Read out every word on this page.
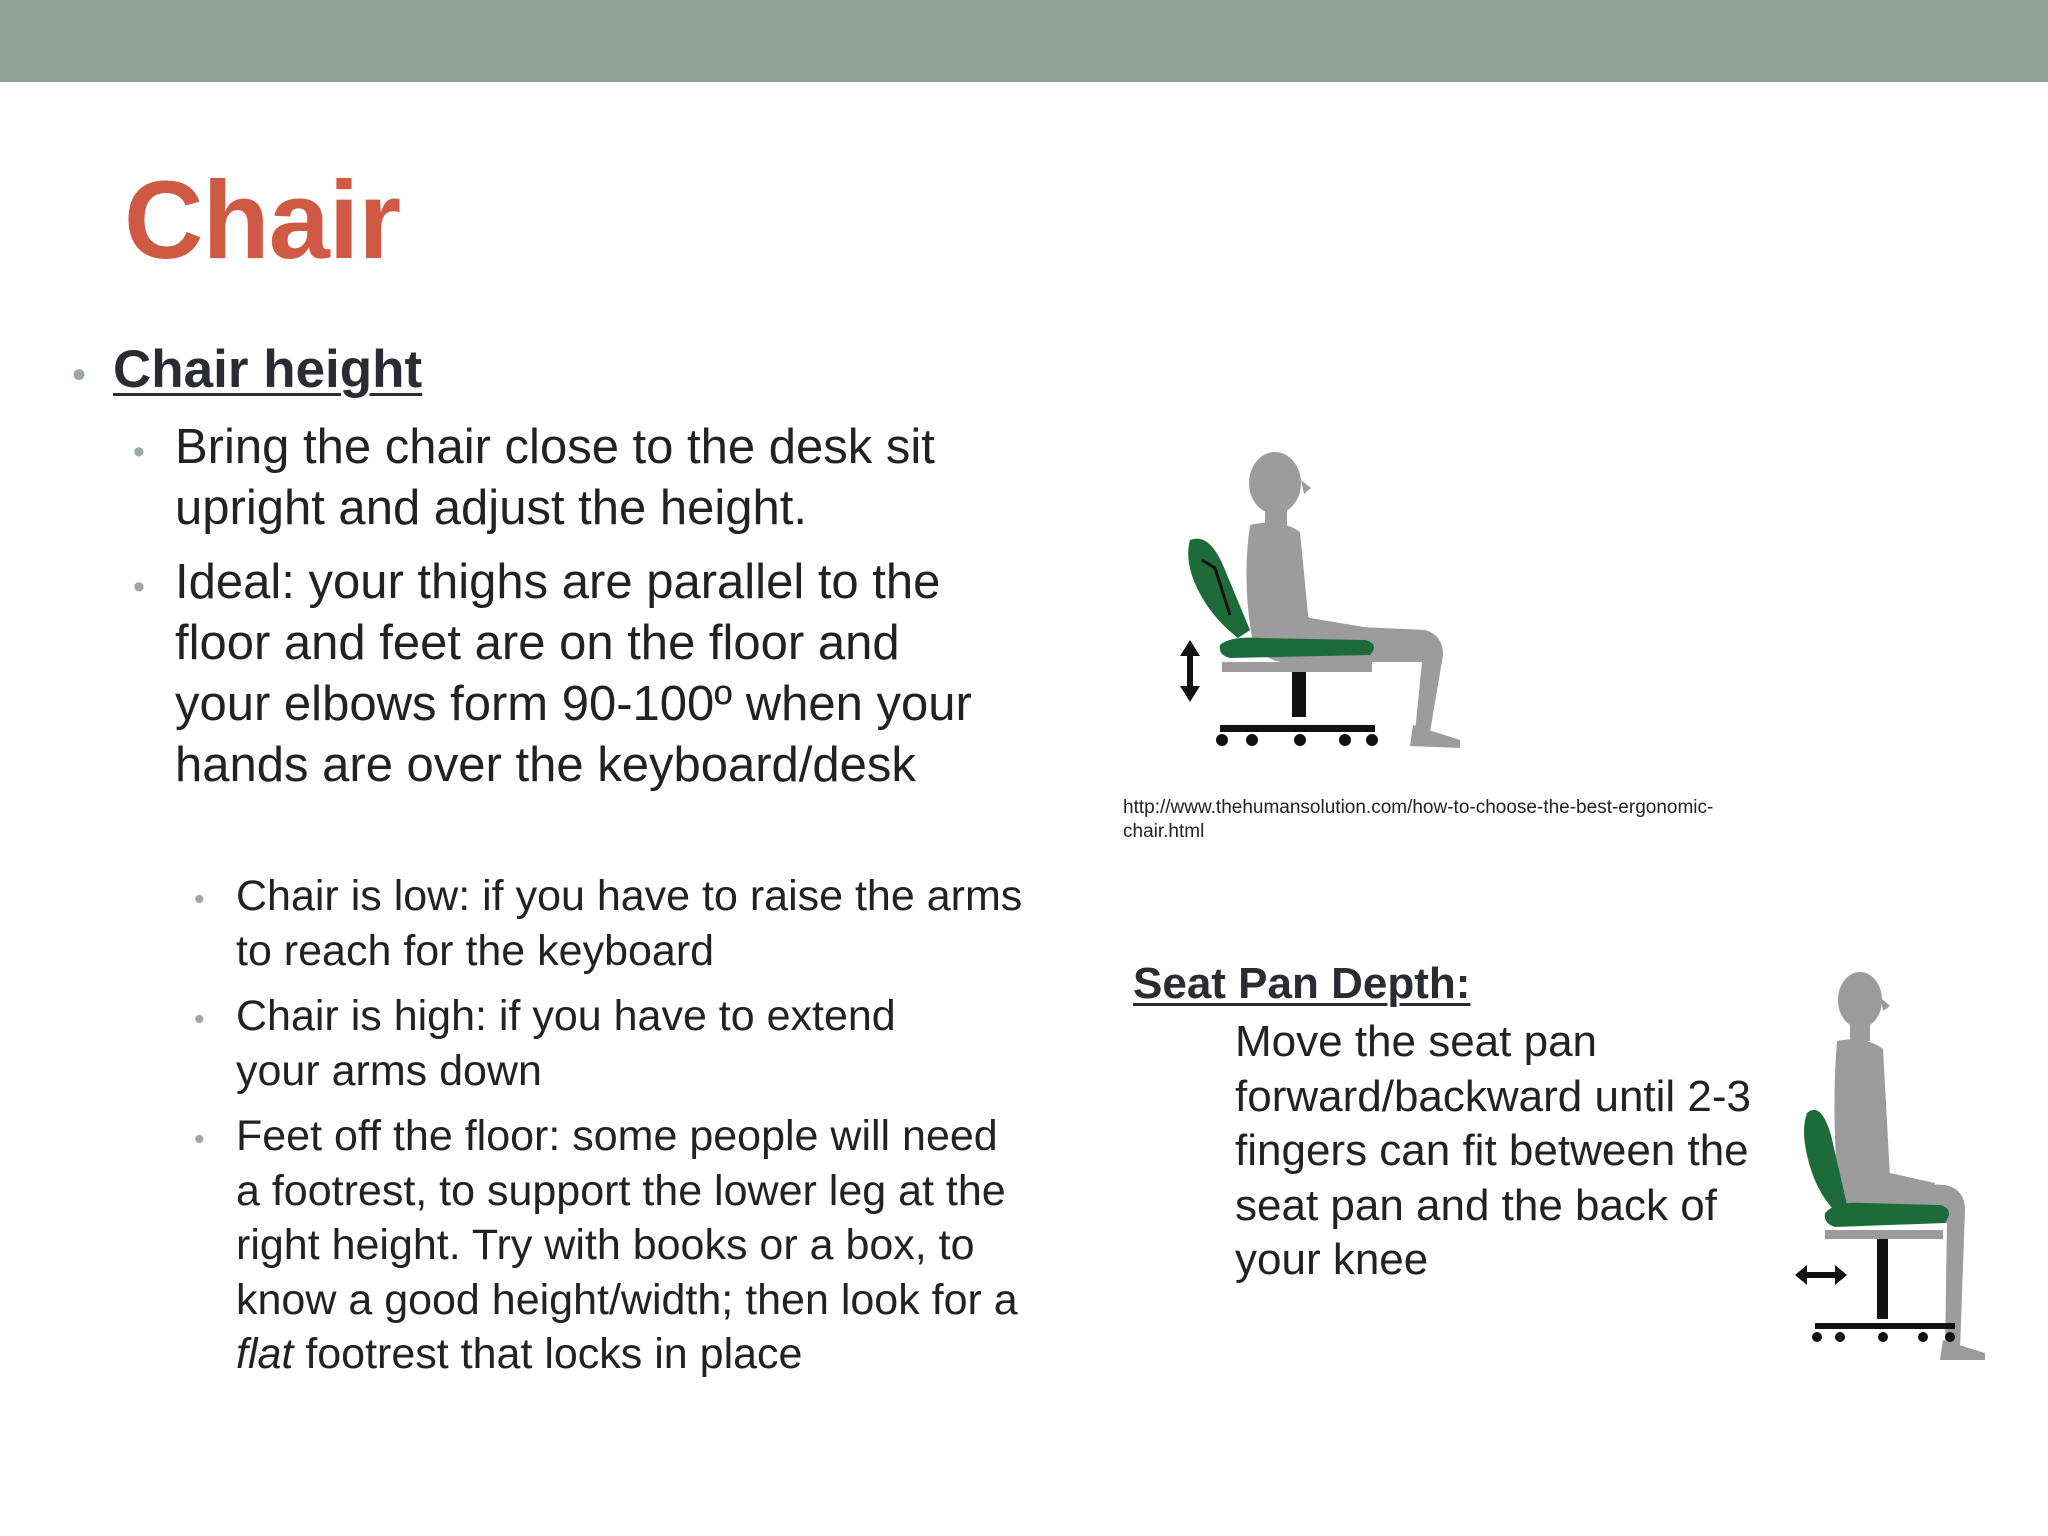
Chair
• Chair height
• Bring the chair close to the desk sit upright and adjust the height.
• Ideal: your thighs are parallel to the floor and feet are on the floor and your elbows form 90-100º when your hands are over the keyboard/desk
• Chair is low: if you have to raise the arms to reach for the keyboard
• Chair is high: if you have to extend your arms down
• Feet off the floor: some people will need a footrest, to support the lower leg at the right height. Try with books or a box, to know a good height/width; then look for a flat footrest that locks in place
http://www.thehumansolution.com/how-to-choose-the-best-ergonomic-chair.html
Seat Pan Depth:
Move the seat pan forward/backward until 2-3 fingers can fit between the seat pan and the back of your knee
